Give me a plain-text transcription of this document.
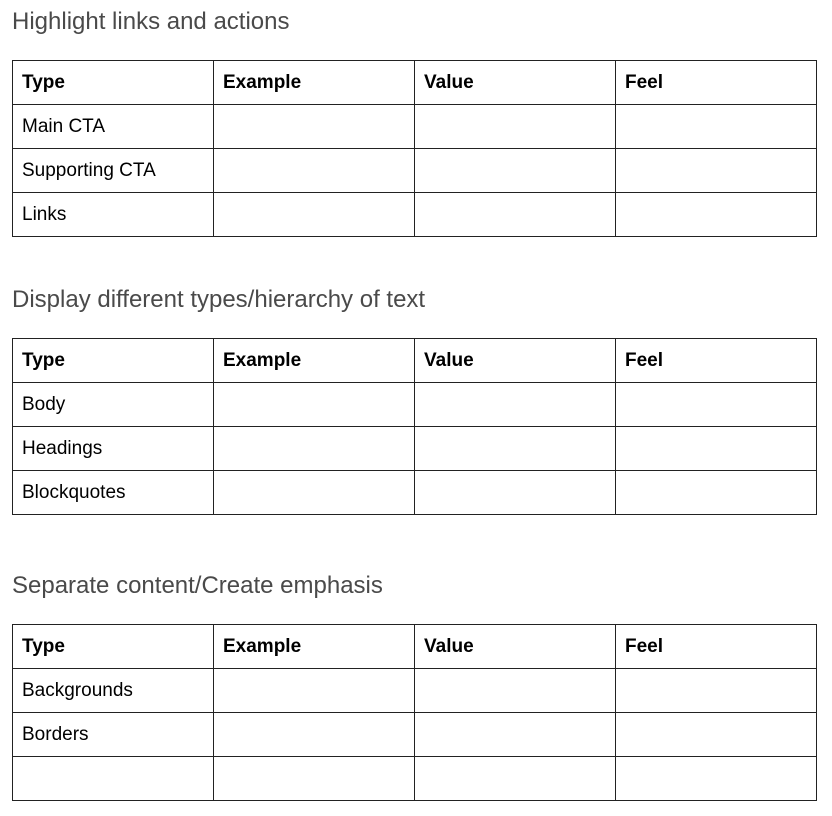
Highlight links and actions
Type	Example	Value	Feel
Main CTA			
Supporting CTA			
Links			
Display different types/hierarchy of text
Type	Example	Value	Feel
Body			
Headings			
Blockquotes			
Separate content/Create emphasis
Type	Example	Value	Feel
Backgrounds			
Borders			
